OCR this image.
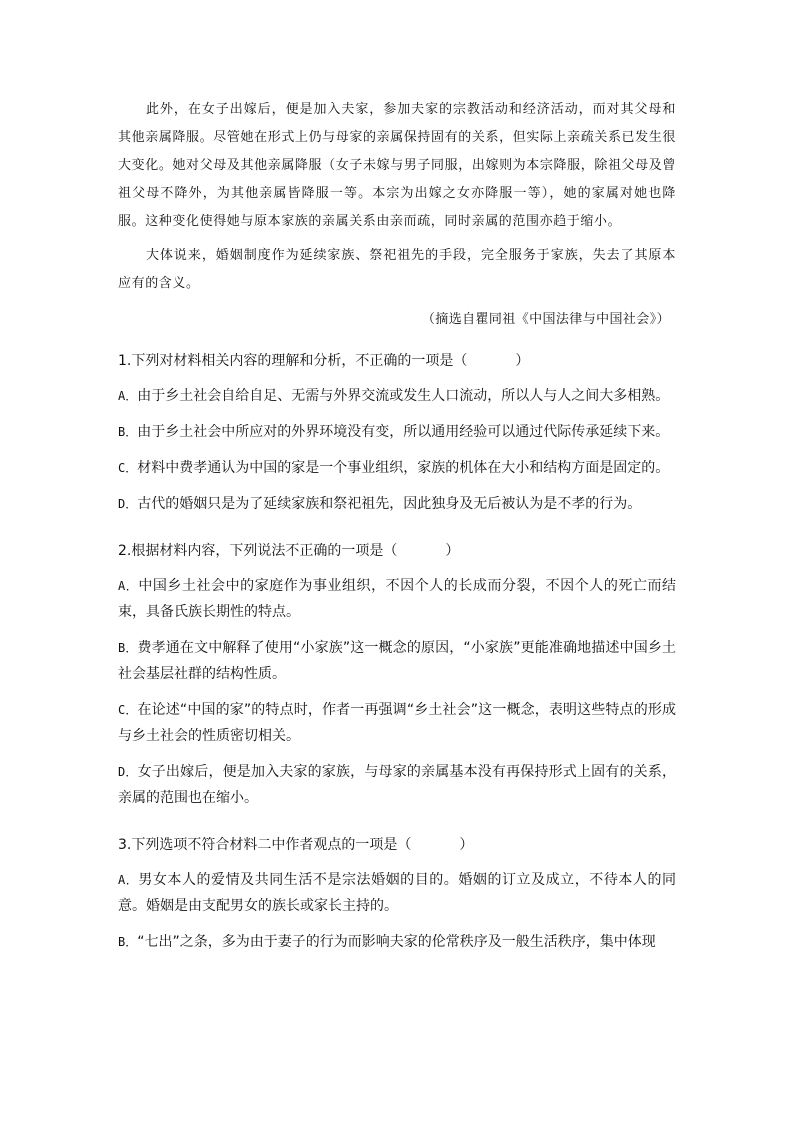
此外，在女子出嫁后，便是加入夫家，参加夫家的宗教活动和经济活动，而对其父母和其他亲属降服。尽管她在形式上仍与母家的亲属保持固有的关系，但实际上亲疏关系已发生很大变化。她对父母及其他亲属降服（女子未嫁与男子同服，出嫁则为本宗降服，除祖父母及曾祖父母不降外，为其他亲属皆降服一等。本宗为出嫁之女亦降服一等），她的家属对她也降服。这种变化使得她与原本家族的亲属关系由亲而疏，同时亲属的范围亦趋于缩小。

大体说来，婚姻制度作为延续家族、祭祀祖先的手段，完全服务于家族，失去了其原本应有的含义。

（摘选自瞿同祖《中国法律与中国社会》）

1.下列对材料相关内容的理解和分析，不正确的一项是（	）

A．由于乡土社会自给自足、无需与外界交流或发生人口流动，所以人与人之间大多相熟。

B．由于乡土社会中所应对的外界环境没有变，所以通用经验可以通过代际传承延续下来。

C．材料中费孝通认为中国的家是一个事业组织，家族的机体在大小和结构方面是固定的。

D．古代的婚姻只是为了延续家族和祭祀祖先，因此独身及无后被认为是不孝的行为。

2.根据材料内容，下列说法不正确的一项是（	）

A．中国乡土社会中的家庭作为事业组织，不因个人的长成而分裂，不因个人的死亡而结束，具备氏族长期性的特点。

B．费孝通在文中解释了使用“小家族”这一概念的原因，“小家族”更能准确地描述中国乡土社会基层社群的结构性质。

C．在论述“中国的家”的特点时，作者一再强调“乡土社会”这一概念，表明这些特点的形成与乡土社会的性质密切相关。

D．女子出嫁后，便是加入夫家的家族，与母家的亲属基本没有再保持形式上固有的关系，亲属的范围也在缩小。

3.下列选项不符合材料二中作者观点的一项是（	）

A．男女本人的爱情及共同生活不是宗法婚姻的目的。婚姻的订立及成立，不待本人的同意。婚姻是由支配男女的族长或家长主持的。

B．“七出”之条，多为由于妻子的行为而影响夫家的伦常秩序及一般生活秩序，集中体现
